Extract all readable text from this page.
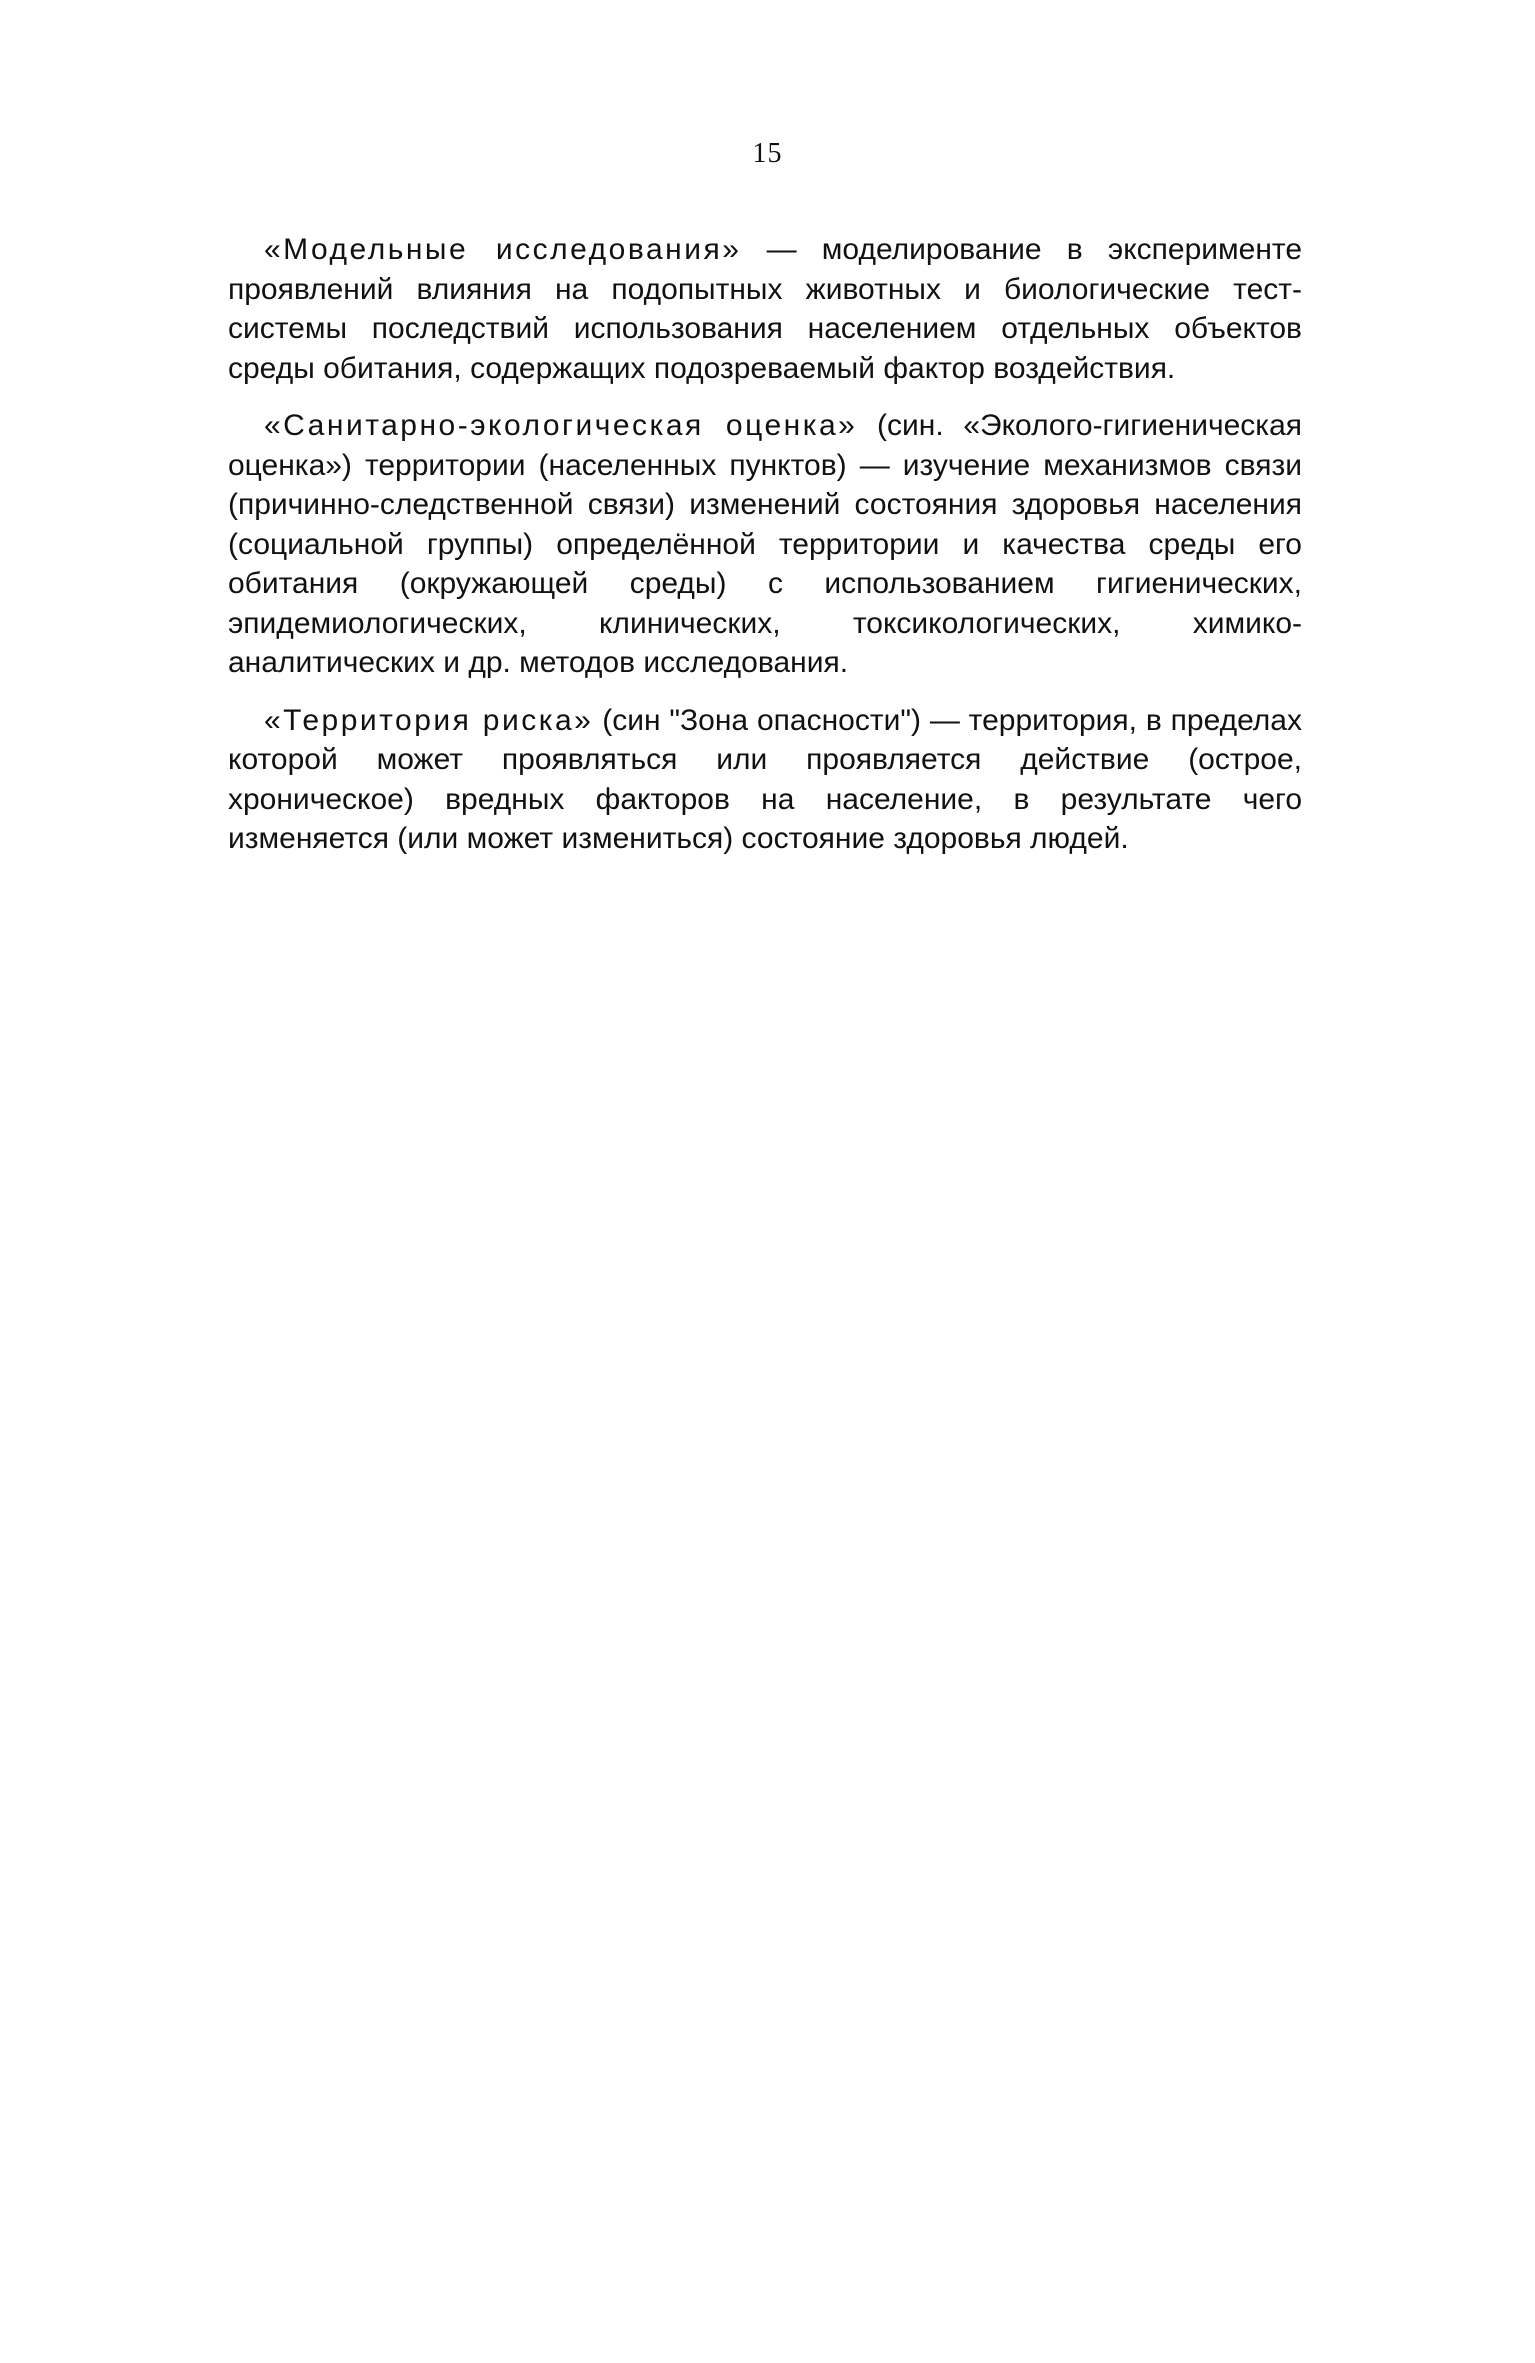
15

«Модельные исследования» — моделирование в эксперименте проявлений влияния на подопытных животных и биологические тест-системы последствий использования населением отдельных объектов среды обитания, содержащих подозреваемый фактор воздействия.

«Санитарно-экологическая оценка» (син. «Эколого-гигиеническая оценка») территории (населенных пунктов) — изучение механизмов связи (причинно-следственной связи) изменений состояния здоровья населения (социальной группы) определённой территории и качества среды его обитания (окружающей среды) с использованием гигиенических, эпидемиологических, клинических, токсикологических, химико-аналитических и др. методов исследования.

«Территория риска» (син "Зона опасности") — территория, в пределах которой может проявляться или проявляется действие (острое, хроническое) вредных факторов на население, в результате чего изменяется (или может измениться) состояние здоровья людей.
